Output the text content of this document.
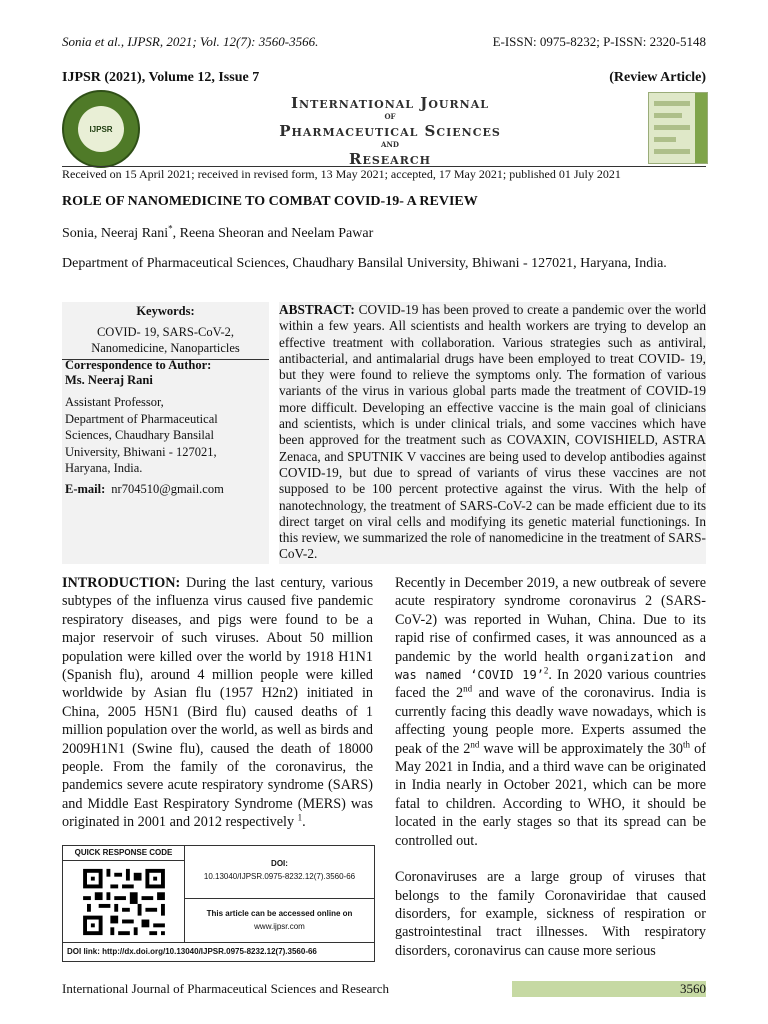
Sonia et al., IJPSR, 2021; Vol. 12(7): 3560-3566.	E-ISSN: 0975-8232; P-ISSN: 2320-5148
IJPSR (2021), Volume 12, Issue 7	(Review Article)
IJPSR
International Journal
of
Pharmaceutical Sciences
and
Research
Received on 15 April 2021; received in revised form, 13 May 2021; accepted, 17 May 2021; published 01 July 2021
ROLE OF NANOMEDICINE TO COMBAT COVID-19- A REVIEW
Sonia, Neeraj Rani*, Reena Sheoran and Neelam Pawar
Department of Pharmaceutical Sciences, Chaudhary Bansilal University, Bhiwani - 127021, Haryana, India.
Keywords:
COVID- 19, SARS-CoV-2,
Nanomedicine, Nanoparticles
Correspondence to Author:
Ms. Neeraj Rani
Assistant Professor,
Department of Pharmaceutical
Sciences, Chaudhary Bansilal
University, Bhiwani - 127021,
Haryana, India.
E-mail: nr704510@gmail.com

ABSTRACT: COVID-19 has been proved to create a pandemic over the world within a few years. All scientists and health workers are trying to develop an effective treatment with collaboration. Various strategies such as antiviral, antibacterial, and antimalarial drugs have been employed to treat COVID- 19, but they were found to relieve the symptoms only. The formation of various variants of the virus in various global parts made the treatment of COVID-19 more difficult. Developing an effective vaccine is the main goal of clinicians and scientists, which is under clinical trials, and some vaccines which have been approved for the treatment such as COVAXIN, COVISHIELD, ASTRA Zenaca, and SPUTNIK V vaccines are being used to develop antibodies against COVID-19, but due to spread of variants of virus these vaccines are not supposed to be 100 percent protective against the virus. With the help of nanotechnology, the treatment of SARS-CoV-2 can be made efficient due to its direct target on viral cells and modifying its genetic material functionings. In this review, we summarized the role of nanomedicine in the treatment of SARS-CoV-2.

INTRODUCTION: During the last century, various subtypes of the influenza virus caused five pandemic respiratory diseases, and pigs were found to be a major reservoir of such viruses. About 50 million population were killed over the world by 1918 H1N1 (Spanish flu), around 4 million people were killed worldwide by Asian flu (1957 H2n2) initiated in China, 2005 H5N1 (Bird flu) caused deaths of 1 million population over the world, as well as birds and 2009H1N1 (Swine flu), caused the death of 18000 people. From the family of the coronavirus, the pandemics severe acute respiratory syndrome (SARS) and Middle East Respiratory Syndrome (MERS) was originated in 2001 and 2012 respectively $^1$.

QUICK RESPONSE CODE
DOI:
10.13040/IJPSR.0975-8232.12(7).3560-66
This article can be accessed online on
www.ijpsr.com
DOI link: http://dx.doi.org/10.13040/IJPSR.0975-8232.12(7).3560-66

Recently in December 2019, a new outbreak of severe acute respiratory syndrome coronavirus 2 (SARS-CoV-2) was reported in Wuhan, China. Due to its rapid rise of confirmed cases, it was announced as a pandemic by the world health organization and was named ‘COVID 19’$^2$. In 2020 various countries faced the 2nd and wave of the coronavirus. India is currently facing this deadly wave nowadays, which is affecting young people more. Experts assumed the peak of the 2nd wave will be approximately the 30th of May 2021 in India, and a third wave can be originated in India nearly in October 2021, which can be more fatal to children. According to WHO, it should be located in the early stages so that its spread can be controlled out.

Coronaviruses are a large group of viruses that belongs to the family Coronaviridae that caused disorders, for example, sickness of respiration or gastrointestinal tract illnesses. With respiratory disorders, coronavirus can cause more serious

International Journal of Pharmaceutical Sciences and Research	3560
